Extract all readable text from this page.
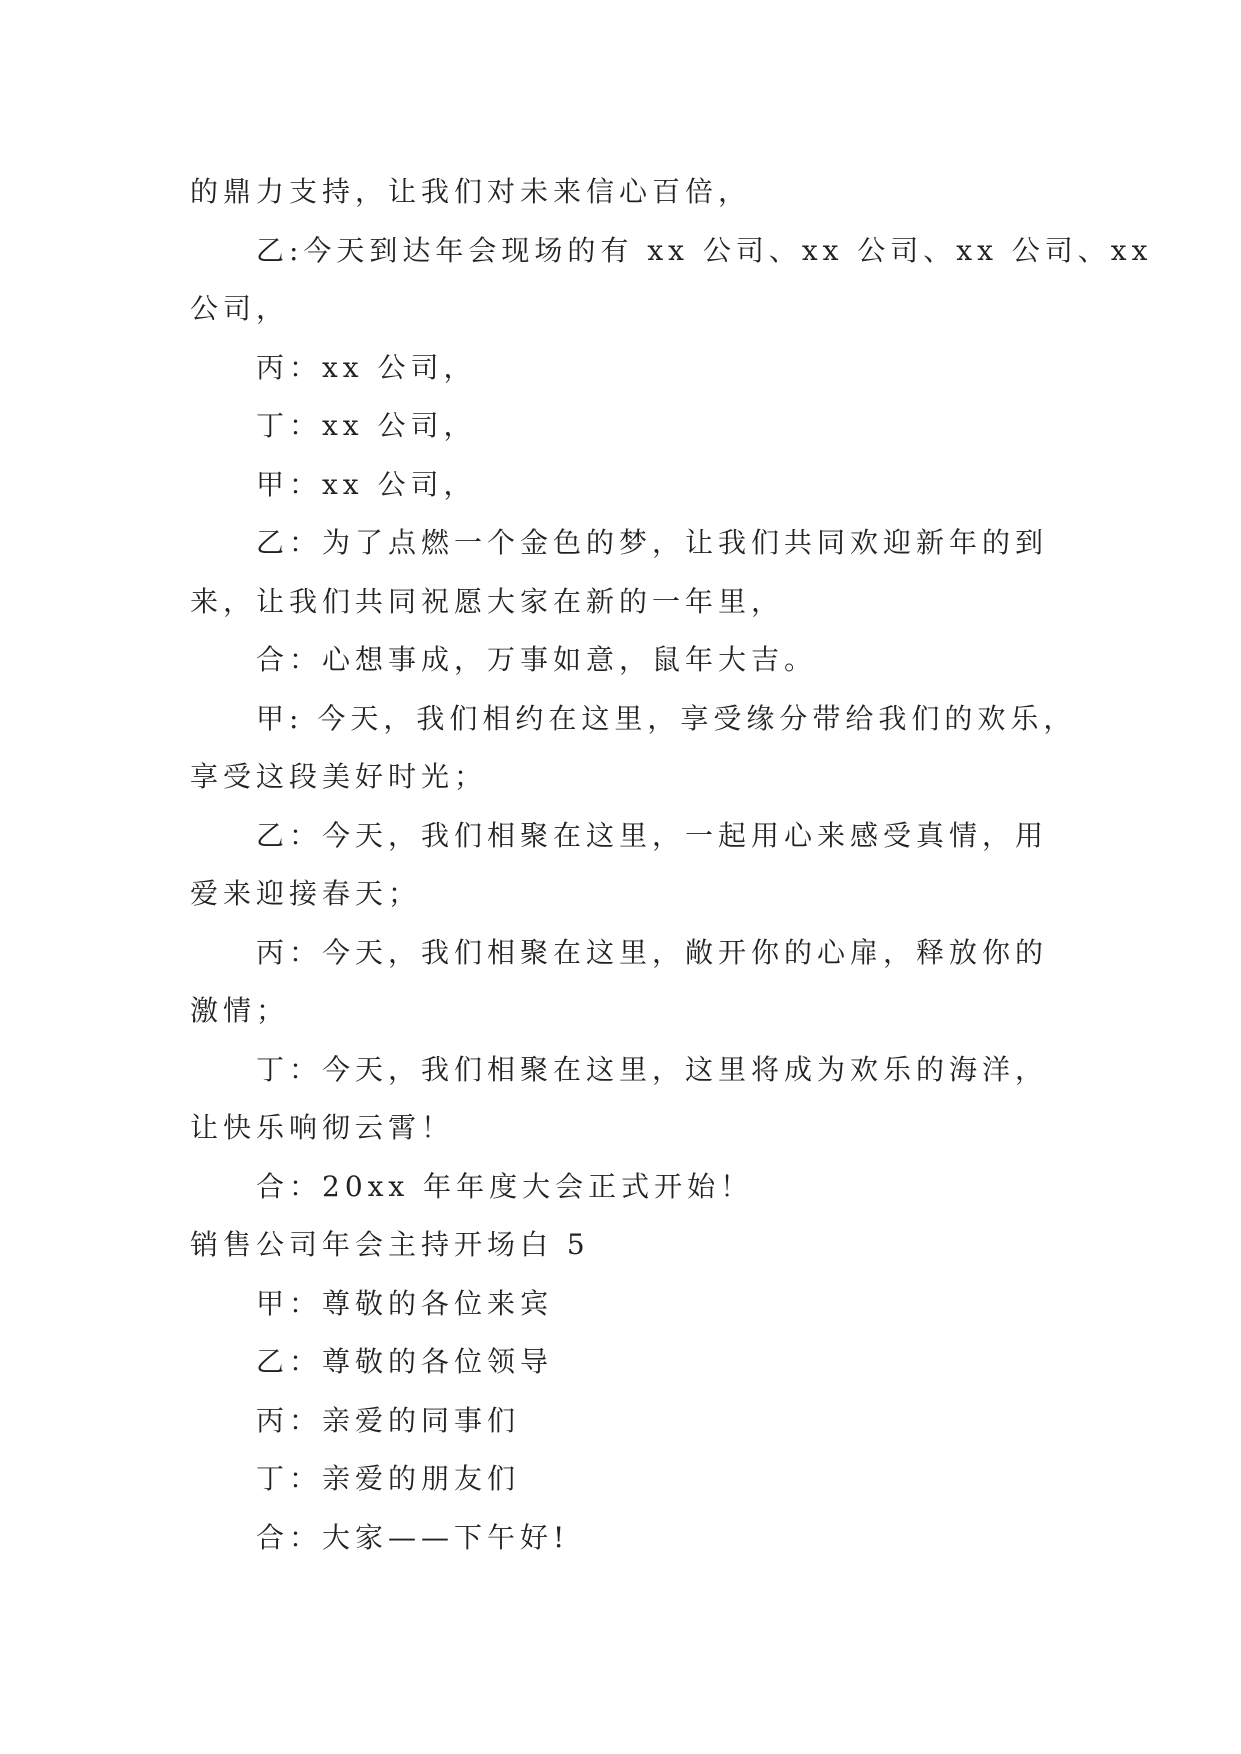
的鼎力支持，让我们对未来信心百倍，
乙:今天到达年会现场的有 xx 公司、xx 公司、xx 公司、xx
公司，
丙：xx 公司，
丁：xx 公司，
甲：xx 公司，
乙：为了点燃一个金色的梦，让我们共同欢迎新年的到
来，让我们共同祝愿大家在新的一年里，
合：心想事成，万事如意，鼠年大吉。
甲: 今天，我们相约在这里，享受缘分带给我们的欢乐，
享受这段美好时光；
乙：今天，我们相聚在这里，一起用心来感受真情，用
爱来迎接春天；
丙：今天，我们相聚在这里，敞开你的心扉，释放你的
激情；
丁：今天，我们相聚在这里，这里将成为欢乐的海洋，
让快乐响彻云霄！
合：20xx 年年度大会正式开始！
销售公司年会主持开场白 5
甲：尊敬的各位来宾
乙：尊敬的各位领导
丙：亲爱的同事们
丁：亲爱的朋友们
合：大家——下午好!
